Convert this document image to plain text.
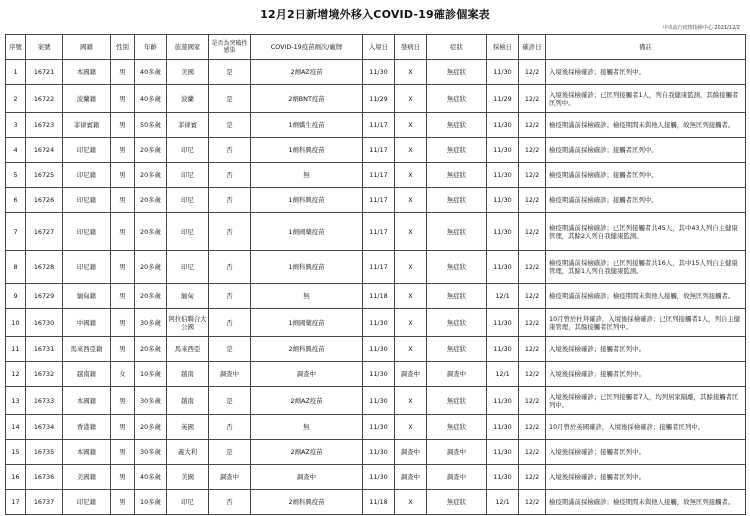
12月2日新增境外移入COVID-19確診個案表
中央流行疫情指揮中心 2021/12/2
序號	案號	國籍	性別	年齡	旅遊國家	是否為突破性感染	COVID-19疫苗劑次/廠牌	入境日	發病日	症狀	採檢日	確診日	備註
1	16721	本國籍	男	40多歲	美國	是	2劑AZ疫苗	11/30	X	無症狀	11/30	12/2	入境後採檢確診；接觸者匡列中。
2	16722	波蘭籍	男	40多歲	波蘭	是	2劑BNT疫苗	11/29	X	無症狀	11/29	12/2	入境後採檢確診；已匡列接觸者1人，列自我健康監測，其餘接觸者匡列中。
3	16723	菲律賓籍	男	50多歲	菲律賓	是	1劑嬌生疫苗	11/17	X	無症狀	11/30	12/2	檢疫期滿前採檢確診；檢疫期間未與他人接觸，故無匡列接觸者。
4	16724	印尼籍	男	20多歲	印尼	否	1劑科興疫苗	11/17	X	無症狀	11/30	12/2	檢疫期滿前採檢確診；接觸者匡列中。
5	16725	印尼籍	男	20多歲	印尼	否	無	11/17	X	無症狀	11/30	12/2	檢疫期滿前採檢確診；接觸者匡列中。
6	16726	印尼籍	男	20多歲	印尼	否	1劑科興疫苗	11/17	X	無症狀	11/30	12/2	檢疫期滿前採檢確診；接觸者匡列中。
7	16727	印尼籍	男	20多歲	印尼	否	1劑國藥疫苗	11/17	X	無症狀	11/30	12/2	檢疫期滿前採檢確診；已匡列接觸者共45人，其中43人列自主健康管理，其餘2人列自我健康監測。
8	16728	印尼籍	男	20多歲	印尼	否	1劑科興疫苗	11/17	X	無症狀	11/30	12/2	檢疫期滿前採檢確診；已匡列接觸者共16人，其中15人列自主健康管理，其餘1人列自我健康監測。
9	16729	緬甸籍	男	20多歲	緬甸	否	無	11/18	X	無症狀	12/1	12/2	檢疫期滿前採檢確診；檢疫期間未與他人接觸，故無匡列接觸者。
10	16730	中國籍	男	30多歲	阿拉伯聯合大公國	否	1劑國藥疫苗	11/30	X	無症狀	11/30	12/2	10月曾於杜拜確診，入境後採檢確診；已匡列接觸者1人，列自主健康管理，其餘接觸者匡列中。
11	16731	馬來西亞籍	男	20多歲	馬來西亞	是	2劑科興疫苗	11/30	X	無症狀	11/30	12/2	入境後採檢確診；接觸者匡列中。
12	16732	越南籍	女	10多歲	越南	調查中	調查中	11/30	調查中	調查中	12/1	12/2	入境後採檢確診；接觸者匡列中。
13	16733	本國籍	男	30多歲	越南	是	2劑AZ疫苗	11/30	X	無症狀	11/30	12/2	入境後採檢確診；已匡列接觸者7人，均列居家隔離，其餘接觸者匡列中。
14	16734	香港籍	男	20多歲	英國	否	無	11/30	X	無症狀	11/30	12/2	10月曾於英國確診，入境後採檢確診；接觸者匡列中。
15	16735	本國籍	男	30多歲	義大利	是	2劑AZ疫苗	11/30	調查中	調查中	11/30	12/2	入境後採檢確診；接觸者匡列中。
16	16736	美國籍	男	40多歲	美國	調查中	調查中	11/30	調查中	調查中	11/30	12/2	入境後採檢確診；接觸者匡列中。
17	16737	印尼籍	男	10多歲	印尼	否	2劑科興疫苗	11/18	X	無症狀	12/1	12/2	檢疫期滿前採檢確診；檢疫期間未與他人接觸，故無匡列接觸者。
